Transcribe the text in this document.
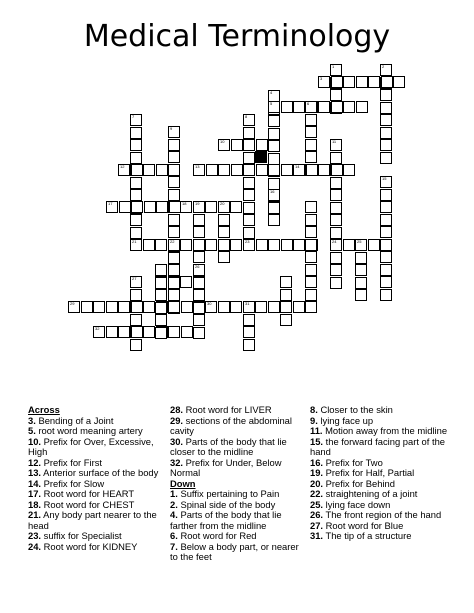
Medical Terminology
1	2
3
4
5	6
7	8
9
10	11
12	13	14
15
16
17	18 19	20
21	22	23	24	25
26
27
29	30	31
32
Across
3. Bending of a Joint
5. root word meaning artery
10. Prefix for Over, Excessive, High
12. Prefix for First
13. Anterior surface of the body
14. Prefix for Slow
17. Root word for HEART
18. Root word for CHEST
21. Any body part nearer to the head
23. suffix for Specialist
24. Root word for KIDNEY
28. Root word for LIVER
29. sections of the abdominal cavity
30. Parts of the body that lie closer to the midline
32. Prefix for Under, Below Normal
Down
1. Suffix pertaining to Pain
2. Spinal side of the body
4. Parts of the body that lie farther from the midline
6. Root word for Red
7. Below a body part, or nearer to the feet
8. Closer to the skin
9. lying face up
11. Motion away from the midline
15. the forward facing part of the hand
16. Prefix for Two
19. Prefix for Half, Partial
20. Prefix for Behind
22. straightening of a joint
25. lying face down
26. The front region of the hand
27. Root word for Blue
31. The tip of a structure
